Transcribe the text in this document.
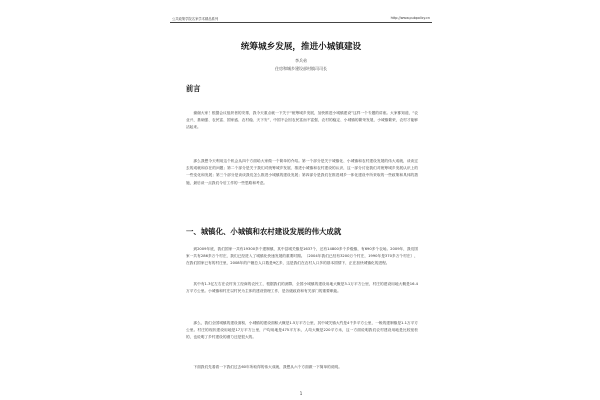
公共政策学院名家学术精品系列	http://www.pubpolicy.cn
统筹城乡发展，推进小城镇建设
李兵弟
住房和城乡建设部村镇司司长
前言

谢谢大家！根据会议组织者的安排，我今天重点就一下关于“统筹城乡发展，加快推进小城镇建设”这样一个专题的讲座。大家都知道，“农业兴、基础强、农民富、国家盛、农村稳、天下安”，中国不会因农民富而不富强，农村的稳定、小城镇的繁荣发展，小城镇繁荣，农村才能够活起来。

那么我想今天利用这个机会从四个方面给大家做一个简单的介绍。第一个部分是关于城镇化、小城镇和农村建设发展的伟大成就，谈谈过去的成就和存在的问题；第二个部分是关于我们对统筹城乡发展、推进小城镇和农村建设的认识，这一部分讨论我们对统筹城乡发展认识上的一些变化和发展；第三个部分是谈谈我们怎么推进小城镇的建设发展；第四部分是我们在推进城乡一体化建设中所采取的一些政策和具体的措施，最后谈一点我们今后工作的一些思路和考虑。

一、城镇化、小城镇和农村建设发展的伟大成就

到2009年底，我们国家一共有19300多个建制镇，其中县城关镇是1637个，还有14800多个乡级镇，有690多个农场。2009年，我们国家一共有286多万个村庄，我们已经进入了城镇化快速发展的重要时期。（2004年我们已经有3200万个村庄，1990年是370多万个村庄），在我们国家已有的村庄里，2008年的户籍总人口数是9亿多，这是我们在农村人口多的基本国情下，正在加快城镇化的进程。

其中有1.3亿左右在农村务工经商的农民工，根据我们的测算，全国小城镇的建设用地大概是3.1万平方公里，村庄的建设用地大概是16.4万平方公里。小城镇和村庄以村民为主体的建设管理工作，是各级政府和有关部门的重要职能。

那么，我们全国城镇的建设面积，小城镇的建设面积大概是1.5万平方公里，其中城关镇大约是4千多平方公里，一般的建制镇是1.1万平方公里。村庄的现状建设用地是17万平方公里，户均用地是475平方米，人均大概是220平方米，这一方面说明我们农村建设用地是比较宽松的，也说明了乡村建设的潜力还是很大的。

下面我们先看看一下我们过去60年所取得的伟大成就，我想从六个方面做一下简单的说明。

1
